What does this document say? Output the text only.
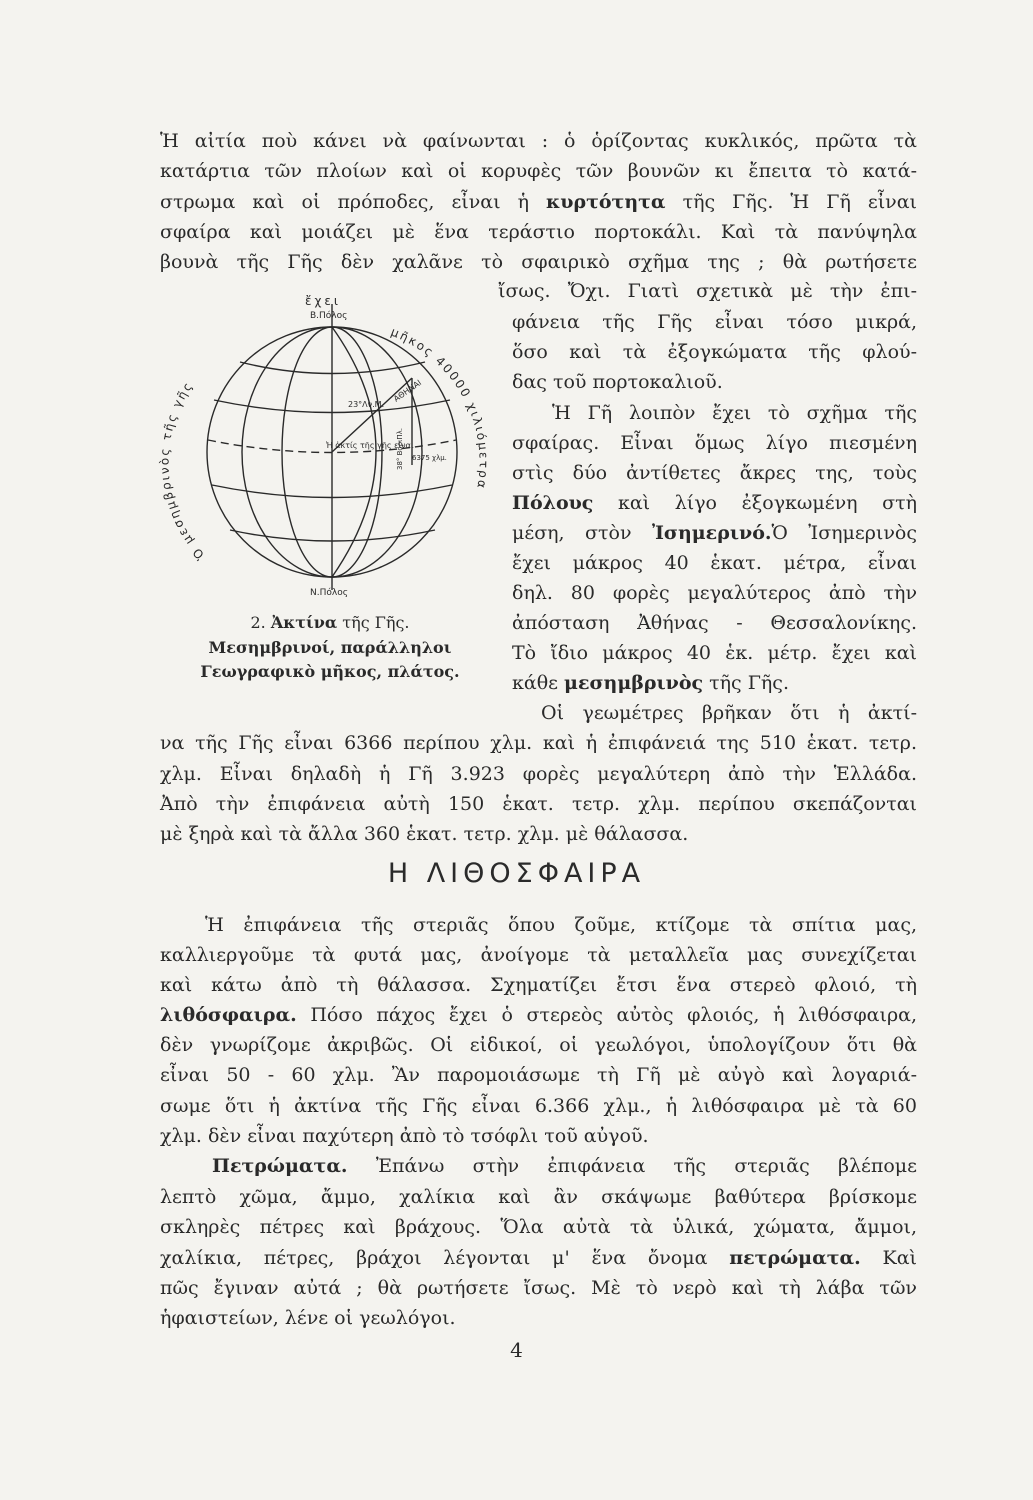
Ἡ αἰτία ποὺ κάνει νὰ φαίνωνται : ὁ ὁρίζοντας κυκλικός, πρῶτα τὰ
κατάρτια τῶν πλοίων καὶ οἱ κορυφὲς τῶν βουνῶν κι ἔπειτα τὸ κατά-
στρωμα καὶ οἱ πρόποδες, εἶναι ἡ κυρτότητα τῆς Γῆς. Ἡ Γῆ εἶναι
σφαίρα καὶ μοιάζει μὲ ἕνα τεράστιο πορτοκάλι. Καὶ τὰ πανύψηλα
βουνὰ τῆς Γῆς δὲν χαλᾶνε τὸ σφαιρικὸ σχῆμα της ; θὰ ρωτήσετε
ἴσως. Ὄχι. Γιατὶ σχετικὰ μὲ τὴν ἐπι-
φάνεια τῆς Γῆς εἶναι τόσο μικρά,
ὅσο καὶ τὰ ἐξογκώματα τῆς φλού-
δας τοῦ πορτοκαλιοῦ.
Ἡ Γῆ λοιπὸν ἔχει τὸ σχῆμα τῆς
σφαίρας. Εἶναι ὅμως λίγο πιεσμένη
στὶς δύο ἀντίθετες ἄκρες της, τοὺς
Πόλους καὶ λίγο ἐξογκωμένη στὴ
μέση, στὸν Ἰσημερινό.Ὁ Ἰσημερινὸς
ἔχει μάκρος 40 ἑκατ. μέτρα, εἶναι
δηλ. 80 φορὲς μεγαλύτερος ἀπὸ τὴν
ἀπόσταση Ἀθήνας - Θεσσαλονίκης.
Τὸ ἴδιο μάκρος 40 ἑκ. μέτρ. ἔχει καὶ
κάθε μεσημβρινὸς τῆς Γῆς.
Οἱ γεωμέτρες βρῆκαν ὅτι ἡ ἀκτί-
να τῆς Γῆς εἶναι 6366 περίπου χλμ. καὶ ἡ ἐπιφάνειά της 510 ἑκατ. τετρ.
χλμ. Εἶναι δηλαδὴ ἡ Γῆ 3.923 φορὲς μεγαλύτερη ἀπὸ τὴν Ἑλλάδα.
Ἀπὸ τὴν ἐπιφάνεια αὐτὴ 150 ἑκατ. τετρ. χλμ. περίπου σκεπάζονται
μὲ ξηρὰ καὶ τὰ ἄλλα 360 ἑκατ. τετρ. χλμ. μὲ θάλασσα.
Β.Πόλος
Ν.Πόλος
ἔχει
Ὁ μεσημβρινὸς τῆς γῆς
μῆκος 40000 χιλιόμετρα
23°Λν.Μ.
ΑΘΗΝΑΙ
Ἡ ἀκτίς τῆς γῆς εἶναι
6375 χλμ.
38° Βορ.Πλ.
2. Ἀκτίνα τῆς Γῆς.
Μεσημβρινοί, παράλληλοι
Γεωγραφικὸ μῆκος, πλάτος.
Η ΛΙΘΟΣΦΑΙΡΑ
Ἡ ἐπιφάνεια τῆς στεριᾶς ὅπου ζοῦμε, κτίζομε τὰ σπίτια μας,
καλλιεργοῦμε τὰ φυτά μας, ἀνοίγομε τὰ μεταλλεῖα μας συνεχίζεται
καὶ κάτω ἀπὸ τὴ θάλασσα. Σχηματίζει ἔτσι ἕνα στερεὸ φλοιό, τὴ
λιθόσφαιρα. Πόσο πάχος ἔχει ὁ στερεὸς αὐτὸς φλοιός, ἡ λιθόσφαιρα,
δὲν γνωρίζομε ἀκριβῶς. Οἱ εἰδικοί, οἱ γεωλόγοι, ὑπολογίζουν ὅτι θὰ
εἶναι 50 - 60 χλμ. Ἂν παρομοιάσωμε τὴ Γῆ μὲ αὐγὸ καὶ λογαριά-
σωμε ὅτι ἡ ἀκτίνα τῆς Γῆς εἶναι 6.366 χλμ., ἡ λιθόσφαιρα μὲ τὰ 60
χλμ. δὲν εἶναι παχύτερη ἀπὸ τὸ τσόφλι τοῦ αὐγοῦ.
Πετρώματα. Ἐπάνω στὴν ἐπιφάνεια τῆς στεριᾶς βλέπομε
λεπτὸ χῶμα, ἄμμο, χαλίκια καὶ ἂν σκάψωμε βαθύτερα βρίσκομε
σκληρὲς πέτρες καὶ βράχους. Ὅλα αὐτὰ τὰ ὑλικά, χώματα, ἄμμοι,
χαλίκια, πέτρες, βράχοι λέγονται μ' ἕνα ὄνομα πετρώματα. Καὶ
πῶς ἔγιναν αὐτά ; θὰ ρωτήσετε ἴσως. Μὲ τὸ νερὸ καὶ τὴ λάβα τῶν
ἡφαιστείων, λένε οἱ γεωλόγοι.
4
